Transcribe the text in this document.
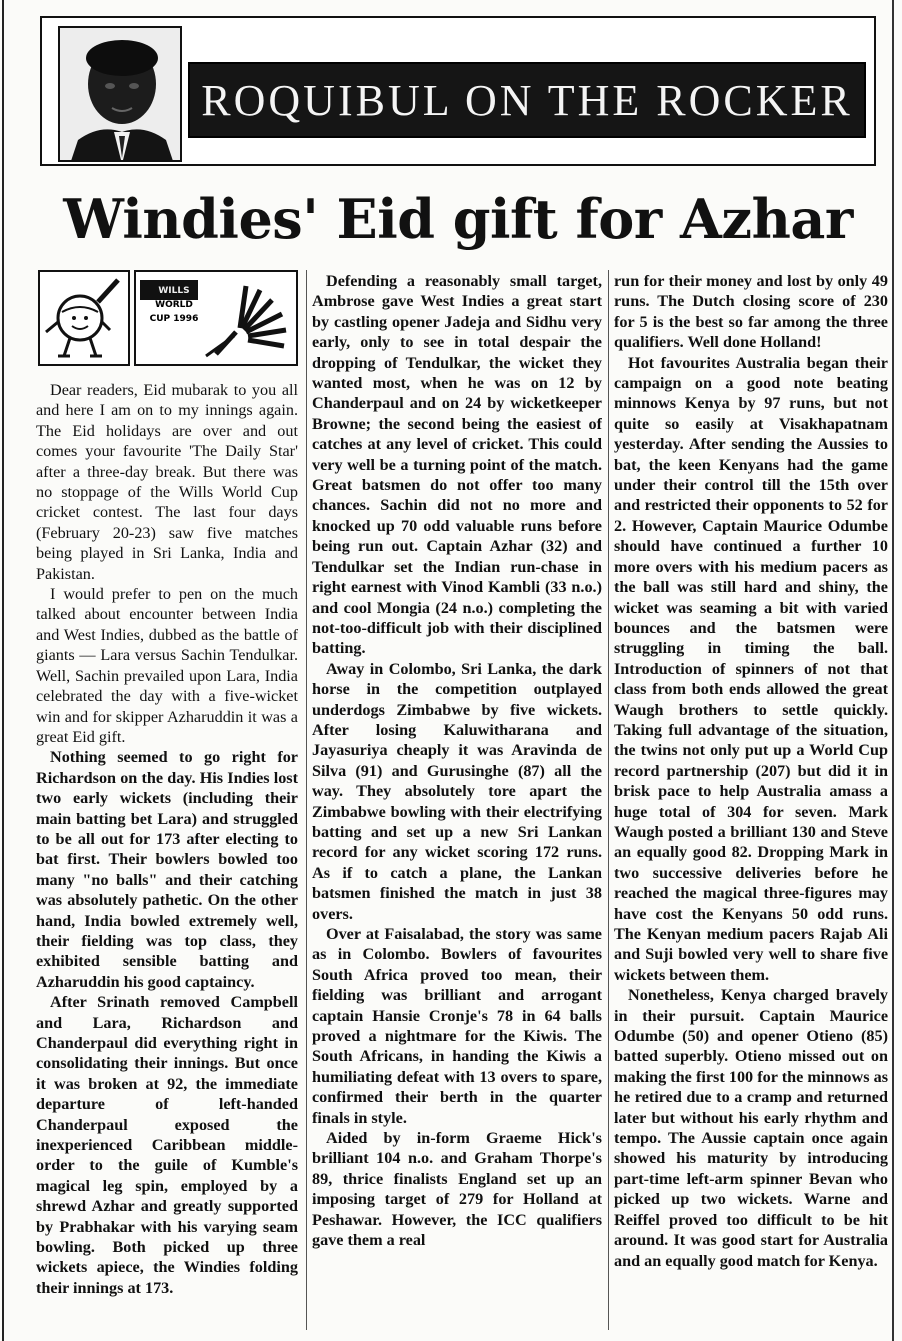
ROQUIBUL ON THE ROCKER
Windies' Eid gift for Azhar
WILLS WORLD CUP 1996

Dear readers, Eid mubarak to you all and here I am on to my innings again. The Eid holidays are over and out comes your favourite 'The Daily Star' after a three-day break. But there was no stoppage of the Wills World Cup cricket contest. The last four days (February 20-23) saw five matches being played in Sri Lanka, India and Pakistan.

I would prefer to pen on the much talked about encounter between India and West Indies, dubbed as the battle of giants — Lara versus Sachin Tendulkar. Well, Sachin prevailed upon Lara, India celebrated the day with a five-wicket win and for skipper Azharuddin it was a great Eid gift.

Nothing seemed to go right for Richardson on the day. His Indies lost two early wickets (including their main batting bet Lara) and struggled to be all out for 173 after electing to bat first. Their bowlers bowled too many "no balls" and their catching was absolutely pathetic. On the other hand, India bowled extremely well, their fielding was top class, they exhibited sensible batting and Azharuddin his good captaincy.

After Srinath removed Campbell and Lara, Richardson and Chanderpaul did everything right in consolidating their innings. But once it was broken at 92, the immediate departure of left-handed Chanderpaul exposed the inexperienced Caribbean middle-order to the guile of Kumble's magical leg spin, employed by a shrewd Azhar and greatly supported by Prabhakar with his varying seam bowling. Both picked up three wickets apiece, the Windies folding their innings at 173.

Defending a reasonably small target, Ambrose gave West Indies a great start by castling opener Jadeja and Sidhu very early, only to see in total despair the dropping of Tendulkar, the wicket they wanted most, when he was on 12 by Chanderpaul and on 24 by wicketkeeper Browne; the second being the easiest of catches at any level of cricket. This could very well be a turning point of the match. Great batsmen do not offer too many chances. Sachin did not no more and knocked up 70 odd valuable runs before being run out. Captain Azhar (32) and Tendulkar set the Indian run-chase in right earnest with Vinod Kambli (33 n.o.) and cool Mongia (24 n.o.) completing the not-too-difficult job with their disciplined batting.

Away in Colombo, Sri Lanka, the dark horse in the competition outplayed underdogs Zimbabwe by five wickets. After losing Kaluwitharana and Jayasuriya cheaply it was Aravinda de Silva (91) and Gurusinghe (87) all the way. They absolutely tore apart the Zimbabwe bowling with their electrifying batting and set up a new Sri Lankan record for any wicket scoring 172 runs. As if to catch a plane, the Lankan batsmen finished the match in just 38 overs.

Over at Faisalabad, the story was same as in Colombo. Bowlers of favourites South Africa proved too mean, their fielding was brilliant and arrogant captain Hansie Cronje's 78 in 64 balls proved a nightmare for the Kiwis. The South Africans, in handing the Kiwis a humiliating defeat with 13 overs to spare, confirmed their berth in the quarter finals in style.

Aided by in-form Graeme Hick's brilliant 104 n.o. and Graham Thorpe's 89, thrice finalists England set up an imposing target of 279 for Holland at Peshawar. However, the ICC qualifiers gave them a real

run for their money and lost by only 49 runs. The Dutch closing score of 230 for 5 is the best so far among the three qualifiers. Well done Holland!

Hot favourites Australia began their campaign on a good note beating minnows Kenya by 97 runs, but not quite so easily at Visakhapatnam yesterday. After sending the Aussies to bat, the keen Kenyans had the game under their control till the 15th over and restricted their opponents to 52 for 2. However, Captain Maurice Odumbe should have continued a further 10 more overs with his medium pacers as the ball was still hard and shiny, the wicket was seaming a bit with varied bounces and the batsmen were struggling in timing the ball. Introduction of spinners of not that class from both ends allowed the great Waugh brothers to settle quickly. Taking full advantage of the situation, the twins not only put up a World Cup record partnership (207) but did it in brisk pace to help Australia amass a huge total of 304 for seven. Mark Waugh posted a brilliant 130 and Steve an equally good 82. Dropping Mark in two successive deliveries before he reached the magical three-figures may have cost the Kenyans 50 odd runs. The Kenyan medium pacers Rajab Ali and Suji bowled very well to share five wickets between them.

Nonetheless, Kenya charged bravely in their pursuit. Captain Maurice Odumbe (50) and opener Otieno (85) batted superbly. Otieno missed out on making the first 100 for the minnows as he retired due to a cramp and returned later but without his early rhythm and tempo. The Aussie captain once again showed his maturity by introducing part-time left-arm spinner Bevan who picked up two wickets. Warne and Reiffel proved too difficult to be hit around. It was good start for Australia and an equally good match for Kenya.
